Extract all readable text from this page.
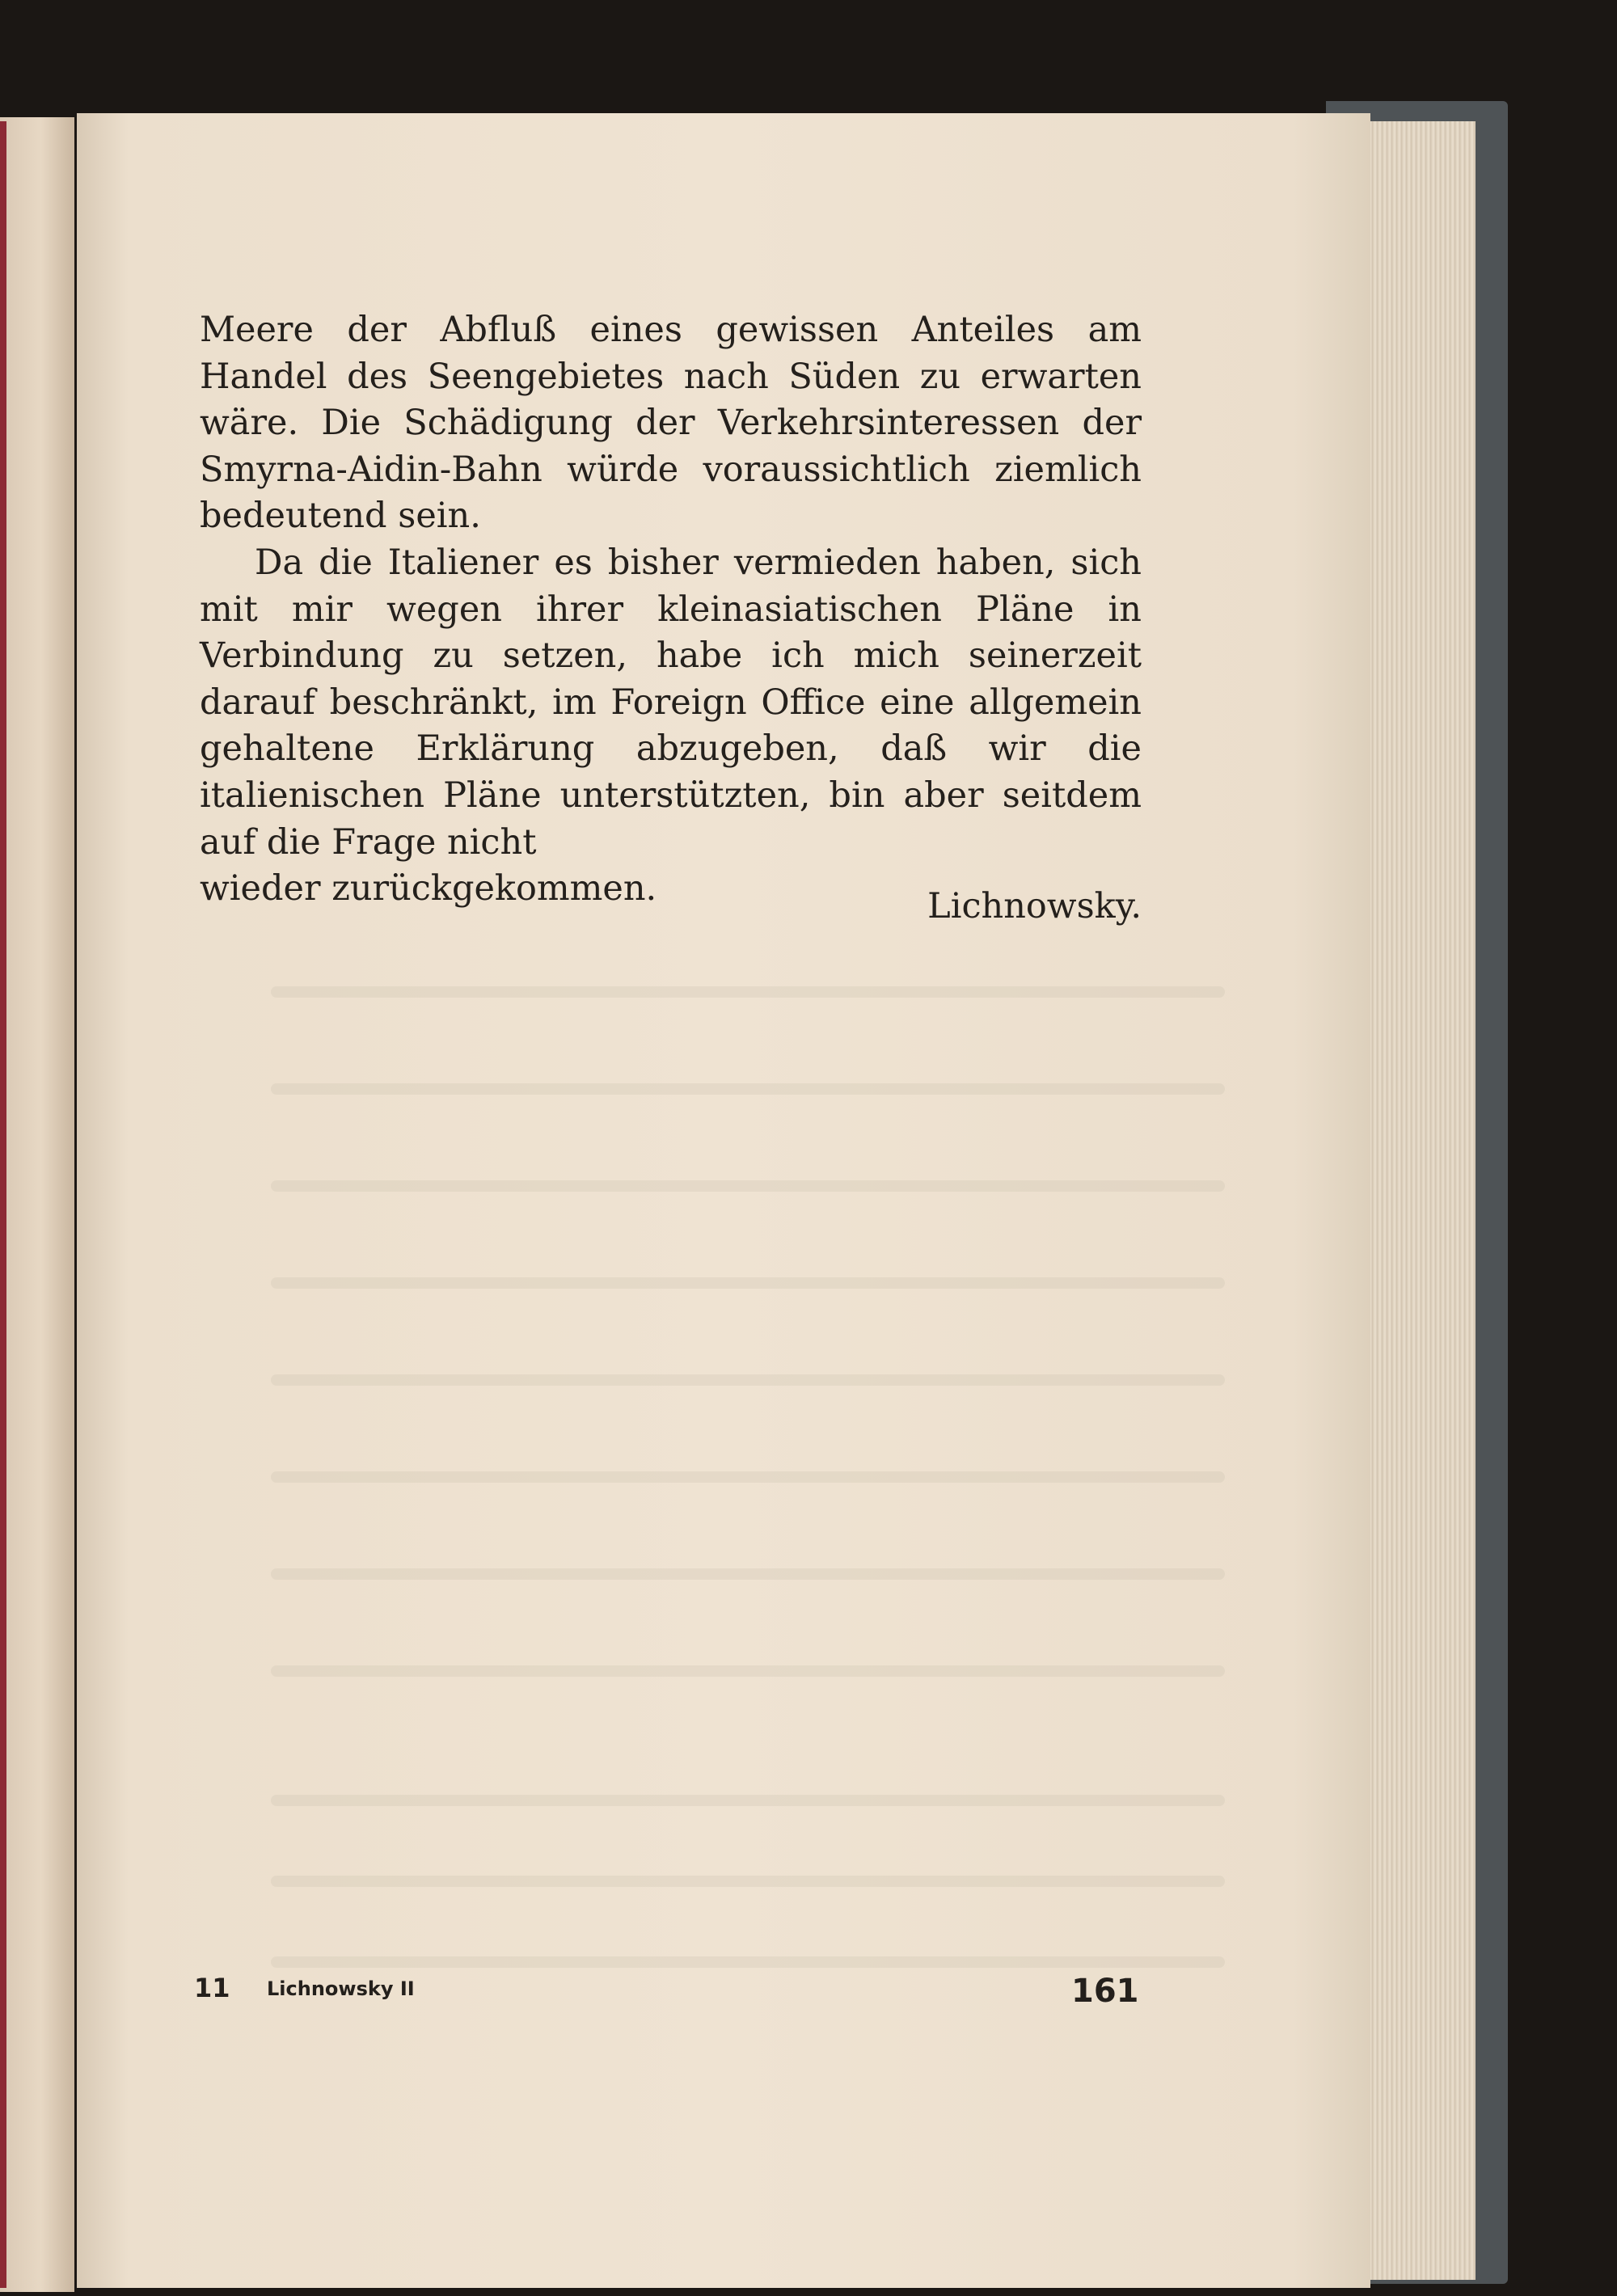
Meere der Abfluß eines gewissen Anteiles am Handel des Seengebietes nach Süden zu erwarten wäre. Die Schädigung der Verkehrsinteressen der Smyrna-Aidin-Bahn würde voraussichtlich ziemlich bedeutend sein.

Da die Italiener es bisher vermieden haben, sich mit mir wegen ihrer kleinasiatischen Pläne in Verbindung zu setzen, habe ich mich seinerzeit darauf beschränkt, im Foreign Office eine allgemein gehaltene Erklärung abzugeben, daß wir die italienischen Pläne unterstützten, bin aber seitdem auf die Frage nicht

wieder zurückgekommen.	Lichnowsky.
11 Lichnowsky II	161
